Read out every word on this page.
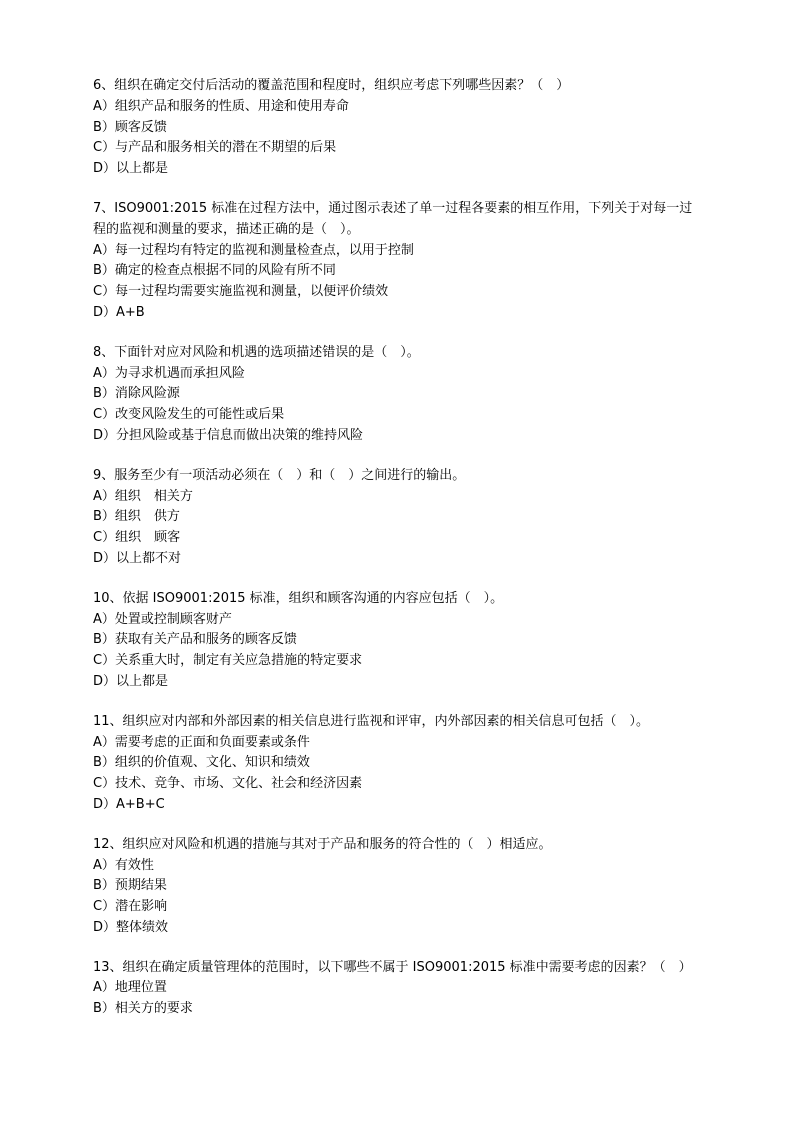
6、组织在确定交付后活动的覆盖范围和程度时，组织应考虑下列哪些因素？（　）
A）组织产品和服务的性质、用途和使用寿命
B）顾客反馈
C）与产品和服务相关的潜在不期望的后果
D）以上都是
7、ISO9001:2015 标准在过程方法中，通过图示表述了单一过程各要素的相互作用，下列关于对每一过程的监视和测量的要求，描述正确的是（　）。
A）每一过程均有特定的监视和测量检查点，以用于控制
B）确定的检查点根据不同的风险有所不同
C）每一过程均需要实施监视和测量，以便评价绩效
D）A+B
8、下面针对应对风险和机遇的选项描述错误的是（　）。
A）为寻求机遇而承担风险
B）消除风险源
C）改变风险发生的可能性或后果
D）分担风险或基于信息而做出决策的维持风险
9、服务至少有一项活动必须在（　）和（　）之间进行的输出。
A）组织　相关方
B）组织　供方
C）组织　顾客
D）以上都不对
10、依据 ISO9001:2015 标准，组织和顾客沟通的内容应包括（　）。
A）处置或控制顾客财产
B）获取有关产品和服务的顾客反馈
C）关系重大时，制定有关应急措施的特定要求
D）以上都是
11、组织应对内部和外部因素的相关信息进行监视和评审，内外部因素的相关信息可包括（　）。
A）需要考虑的正面和负面要素或条件
B）组织的价值观、文化、知识和绩效
C）技术、竞争、市场、文化、社会和经济因素
D）A+B+C
12、组织应对风险和机遇的措施与其对于产品和服务的符合性的（　）相适应。
A）有效性
B）预期结果
C）潜在影响
D）整体绩效
13、组织在确定质量管理体的范围时，以下哪些不属于 ISO9001:2015 标准中需要考虑的因素？（　）
A）地理位置
B）相关方的要求
